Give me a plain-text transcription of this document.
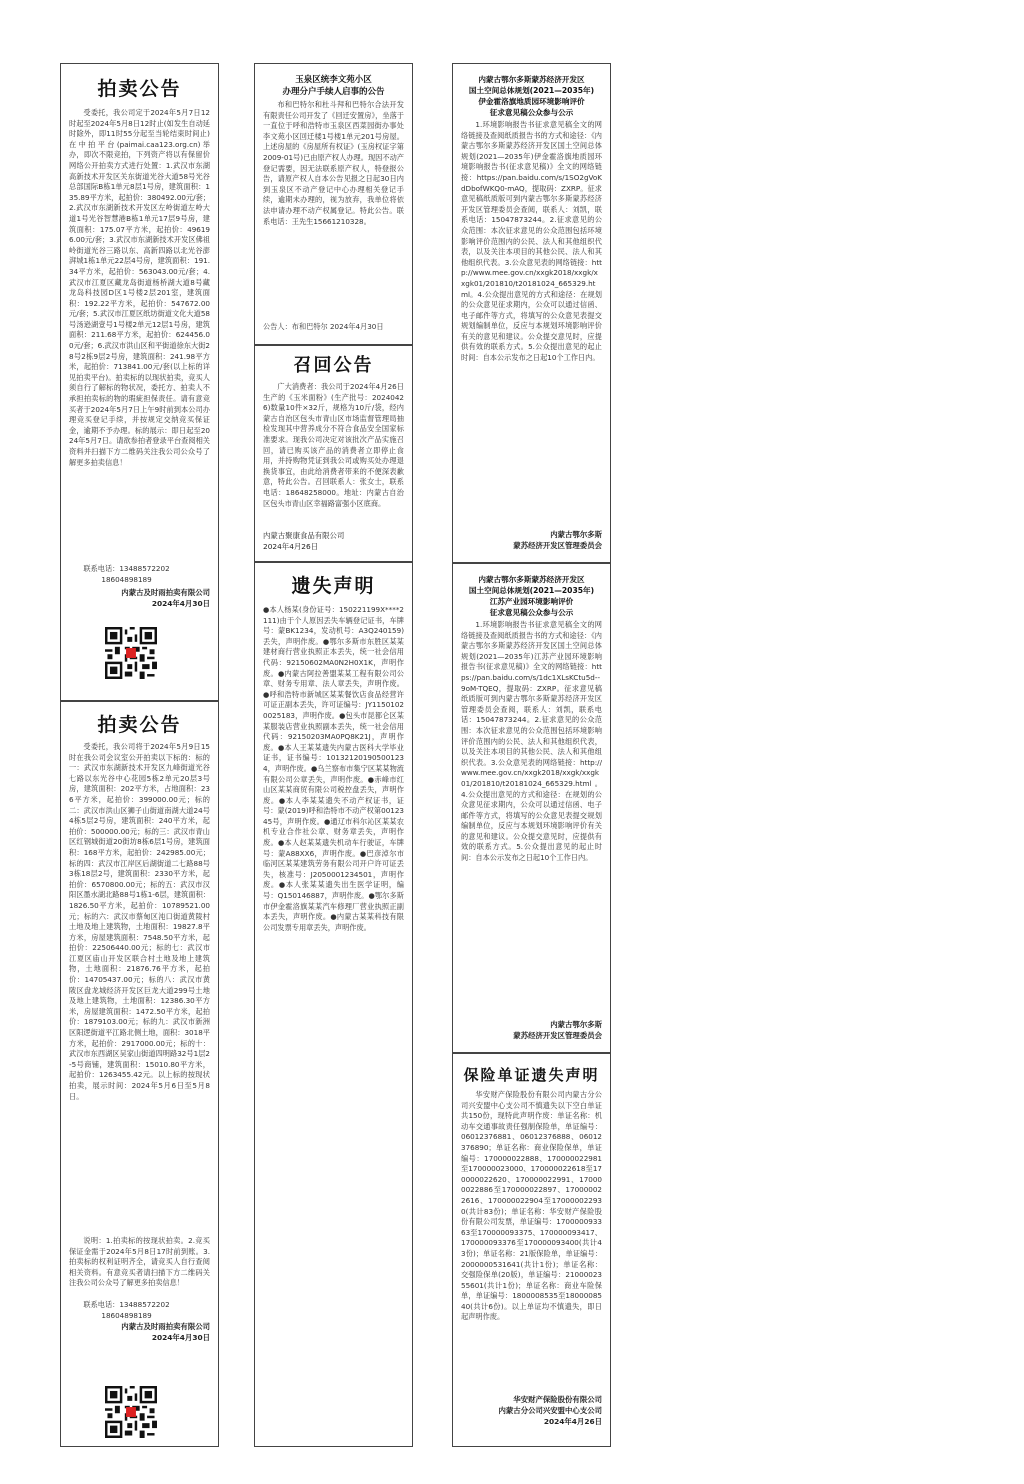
拍卖公告
受委托，我公司定于2024年5月7日12时起至2024年5月8日12时止(如发生自动延时除外，即11时55分起至当轮结束时间止)在中拍平台(paimai.caa123.org.cn)举办，即次不限竞拍，下列资产将以有保留价网络公开拍卖方式进行处置：1.武汉市东湖高新技术开发区关东街道光谷大道58号光谷总部国际B栋1单元8层1号房，建筑面积：135.89平方米，起拍价：380492.00元/套；2.武汉市东湖新技术开发区左岭街道左岭大道1号光谷智慧港B栋1单元17层9号房，建筑面积：175.07平方米，起拍价：496196.00元/套；3.武汉市东湖新技术开发区佛祖岭街道光谷三路以东、高新四路以北光谷澎湃城1栋1单元22层4号房，建筑面积：191.34平方米，起拍价：563043.00元/套；4.武汉市江夏区藏龙岛街道杨桥湖大道8号藏龙岛科技园D区1号楼2层201室，建筑面积：192.22平方米，起拍价：547672.00元/套；5.武汉市江夏区纸坊街道文化大道58号汤逊湖壹号1号楼2单元12层1号房，建筑面积：211.68平方米，起拍价：624456.00元/套；6.武汉市洪山区和平街道徐东大街28号2栋9层2号房，建筑面积：241.98平方米，起拍价：713841.00元/套(以上标的详见拍卖平台)。拍卖标的以现状拍卖，竞买人须自行了解标的物状况，委托方、拍卖人不承担拍卖标的物的瑕疵担保责任。请有意竞买者于2024年5月7日上午9时前到本公司办理竞买登记手续，并按规定交纳竞买保证金，逾期不予办理。标的展示：即日起至2024年5月7日。请欲参拍者登录平台查阅相关资料并扫描下方二维码关注我公司公众号了解更多拍卖信息！
联系电话：13488572202
18604898189
内蒙古及时雨拍卖有限公司
2024年4月30日
拍卖公告
受委托，我公司将于2024年5月9日15时在我公司会议室公开拍卖以下标的：标的一：武汉市东湖新技术开发区九峰街道光谷七路以东光谷中心花园5栋2单元20层3号房，建筑面积：202平方米，占地面积：236平方米，起拍价：399000.00元；标的二：武汉市洪山区狮子山街道南湖大道24号4栋5层2号房，建筑面积：240平方米，起拍价：500000.00元；标的三：武汉市青山区红钢城街道20街坊8栋6层1号房，建筑面积：168平方米，起拍价：242985.00元；标的四：武汉市江岸区后湖街道二七路88号3栋18层2号，建筑面积：2330平方米，起拍价：6570800.00元；标的五：武汉市汉阳区墨水湖北路88号1栋1-6层，建筑面积：1826.50平方米，起拍价：10789521.00元；标的六：武汉市蔡甸区沌口街道黄陵村土地及地上建筑物，土地面积：19827.8平方米，房屋建筑面积：7548.50平方米，起拍价：22506440.00元；标的七：武汉市江夏区庙山开发区联合村土地及地上建筑物，土地面积：21876.76平方米，起拍价：14705437.00元；标的八：武汉市黄陂区盘龙城经济开发区巨龙大道299号土地及地上建筑物，土地面积：12386.30平方米，房屋建筑面积：1472.50平方米，起拍价：1879103.00元；标的九：武汉市新洲区阳逻街道平江路北侧土地，面积：3018平方米，起拍价：2917000.00元；标的十：武汉市东西湖区吴家山街道四明路32号1层2-5号商铺，建筑面积：15010.80平方米，起拍价：1263455.42元。以上标的按现状拍卖，展示时间：2024年5月6日至5月8日。
说明：1.拍卖标的按现状拍卖。2.竞买保证金需于2024年5月8日17时前到账。3.拍卖标的权利证明齐全，请竞买人自行查阅相关资料。有意竞买者请扫描下方二维码关注我公司公众号了解更多拍卖信息！
联系电话：13488572202
18604898189
内蒙古及时雨拍卖有限公司
2024年4月30日
玉泉区统李文苑小区
办理分户手续人启事的公告
布和巴特尔和杜斗拜和巴特尔合法开发有限责任公司开发了《回迁安置房》，坐落于一直位于呼和浩特市玉泉区西菜园街办事处李文苑小区回迁楼1号楼1单元201号房屋。上述房屋的《房屋所有权证》(玉房权证字第2009-01号)已由原产权人办理。现因不动产登记需要，因无法联系原产权人，特登报公告，请原产权人自本公告见报之日起30日内到玉泉区不动产登记中心办理相关登记手续，逾期未办理的，视为放弃，我单位将依法申请办理不动产权属登记。特此公告。联系电话：王先生15661210328。
公告人：布和巴特尔 2024年4月30日
召回公告
广大消费者：我公司于2024年4月26日生产的《玉米面粉》(生产批号：20240426)数量10件×32斤，规格为10斤/袋，经内蒙古自治区包头市青山区市场监督管理局抽检发现其中营养成分不符合食品安全国家标准要求。现我公司决定对该批次产品实施召回，请已购买该产品的消费者立即停止食用，并持购物凭证到我公司或购买处办理退换货事宜，由此给消费者带来的不便深表歉意，特此公告。召回联系人：张女士，联系电话：18648258000。地址：内蒙古自治区包头市青山区幸福路富强小区底商。
内蒙古聚康食品有限公司
2024年4月26日
遗失声明
●本人杨某(身份证号：150221199X****2111)由于个人原因丢失车辆登记证书，车牌号：蒙BK1234，发动机号：A3Q240159)丢失，声明作废。●鄂尔多斯市东胜区某某建材商行营业执照正本丢失，统一社会信用代码：92150602MA0N2H0X1K，声明作废。●内蒙古阿拉善盟某某工程有限公司公章、财务专用章、法人章丢失，声明作废。●呼和浩特市新城区某某餐饮店食品经营许可证正副本丢失，许可证编号：JY11501020025183，声明作废。●包头市昆都仑区某某服装店营业执照副本丢失，统一社会信用代码：92150203MA0PQ8K21J，声明作废。●本人王某某遗失内蒙古医科大学毕业证书，证书编号：101321201905001234，声明作废。●乌兰察布市集宁区某某物流有限公司公章丢失，声明作废。●赤峰市红山区某某商贸有限公司税控盘丢失，声明作废。●本人李某某遗失不动产权证书，证号：蒙(2019)呼和浩特市不动产权第0012345号，声明作废。●通辽市科尔沁区某某农机专业合作社公章、财务章丢失，声明作废。●本人赵某某遗失机动车行驶证，车牌号：蒙A88XX6，声明作废。●巴彦淖尔市临河区某某建筑劳务有限公司开户许可证丢失，核准号：J2050001234501，声明作废。●本人张某某遗失出生医学证明，编号：Q150146887，声明作废。●鄂尔多斯市伊金霍洛旗某某汽车修理厂营业执照正副本丢失，声明作废。●内蒙古某某科技有限公司发票专用章丢失，声明作废。
内蒙古鄂尔多斯蒙苏经济开发区
国土空间总体规划(2021—2035年)
伊金霍洛旗地质园环境影响评价
征求意见稿公众参与公示
1.环境影响报告书征求意见稿全文的网络链接及查阅纸质报告书的方式和途径：《内蒙古鄂尔多斯蒙苏经济开发区国土空间总体规划(2021—2035年)伊金霍洛旗地质园环境影响报告书(征求意见稿)》全文的网络链接：https://pan.baidu.com/s/1SO2gVoKdDbofWKQ0-mAQ，提取码：ZXRP。征求意见稿纸质版可到内蒙古鄂尔多斯蒙苏经济开发区管理委员会查阅，联系人：刘凯，联系电话：15047873244。2.征求意见的公众范围：本次征求意见的公众范围包括环境影响评价范围内的公民、法人和其他组织代表，以及关注本项目的其他公民、法人和其他组织代表。3.公众意见表的网络链接：http://www.mee.gov.cn/xxgk2018/xxgk/xxgk01/201810/t20181024_665329.html。4.公众提出意见的方式和途径：在规划的公众意见征求期内，公众可以通过信函、电子邮件等方式，将填写的公众意见表提交规划编制单位，反应与本规划环境影响评价有关的意见和建议。公众提交意见时，应提供有效的联系方式。5.公众提出意见的起止时间：自本公示发布之日起10个工作日内。
内蒙古鄂尔多斯
蒙苏经济开发区管理委员会
内蒙古鄂尔多斯蒙苏经济开发区
国土空间总体规划(2021—2035年)
江苏产业园环境影响评价
征求意见稿公众参与公示
1.环境影响报告书征求意见稿全文的网络链接及查阅纸质报告书的方式和途径：《内蒙古鄂尔多斯蒙苏经济开发区国土空间总体规划(2021—2035年)江苏产业园环境影响报告书(征求意见稿)》全文的网络链接：https://pan.baidu.com/s/1dc1XLsKCtu5d--9oM-TQEQ，提取码：ZXRP。征求意见稿纸质版可到内蒙古鄂尔多斯蒙苏经济开发区管理委员会查阅，联系人：刘凯，联系电话：15047873244。2.征求意见的公众范围：本次征求意见的公众范围包括环境影响评价范围内的公民、法人和其他组织代表，以及关注本项目的其他公民、法人和其他组织代表。3.公众意见表的网络链接：http://www.mee.gov.cn/xxgk2018/xxgk/xxgk01/201810/t20181024_665329.html。4.公众提出意见的方式和途径：在规划的公众意见征求期内，公众可以通过信函、电子邮件等方式，将填写的公众意见表提交规划编制单位，反应与本规划环境影响评价有关的意见和建议。公众提交意见时，应提供有效的联系方式。5.公众提出意见的起止时间：自本公示发布之日起10个工作日内。
内蒙古鄂尔多斯
蒙苏经济开发区管理委员会
保险单证遗失声明
华安财产保险股份有限公司内蒙古分公司兴安盟中心支公司不慎遗失以下空白单证共150份，现特此声明作废：单证名称：机动车交通事故责任强制保险单，单证编号：06012376881、06012376888、06012376890；单证名称：商业保险保单，单证编号：170000022888、170000022981至170000023000、170000022618至170000022620、170000022991、170000022886至170000022897、170000022616、170000022904至170000022930(共计83份)；单证名称：华安财产保险股份有限公司发票，单证编号：170000093363至170000093375、170000093417、170000093376至170000093400(共计43份)；单证名称：21版保险单，单证编号：2000000531641(共计1份)；单证名称：交强险保单(20版)，单证编号：2100002355601(共计1份)；单证名称：商业车险保单，单证编号：1800008535至1800008540(共计6份)。以上单证均不慎遗失，即日起声明作废。
华安财产保险股份有限公司
内蒙古分公司兴安盟中心支公司
2024年4月26日
